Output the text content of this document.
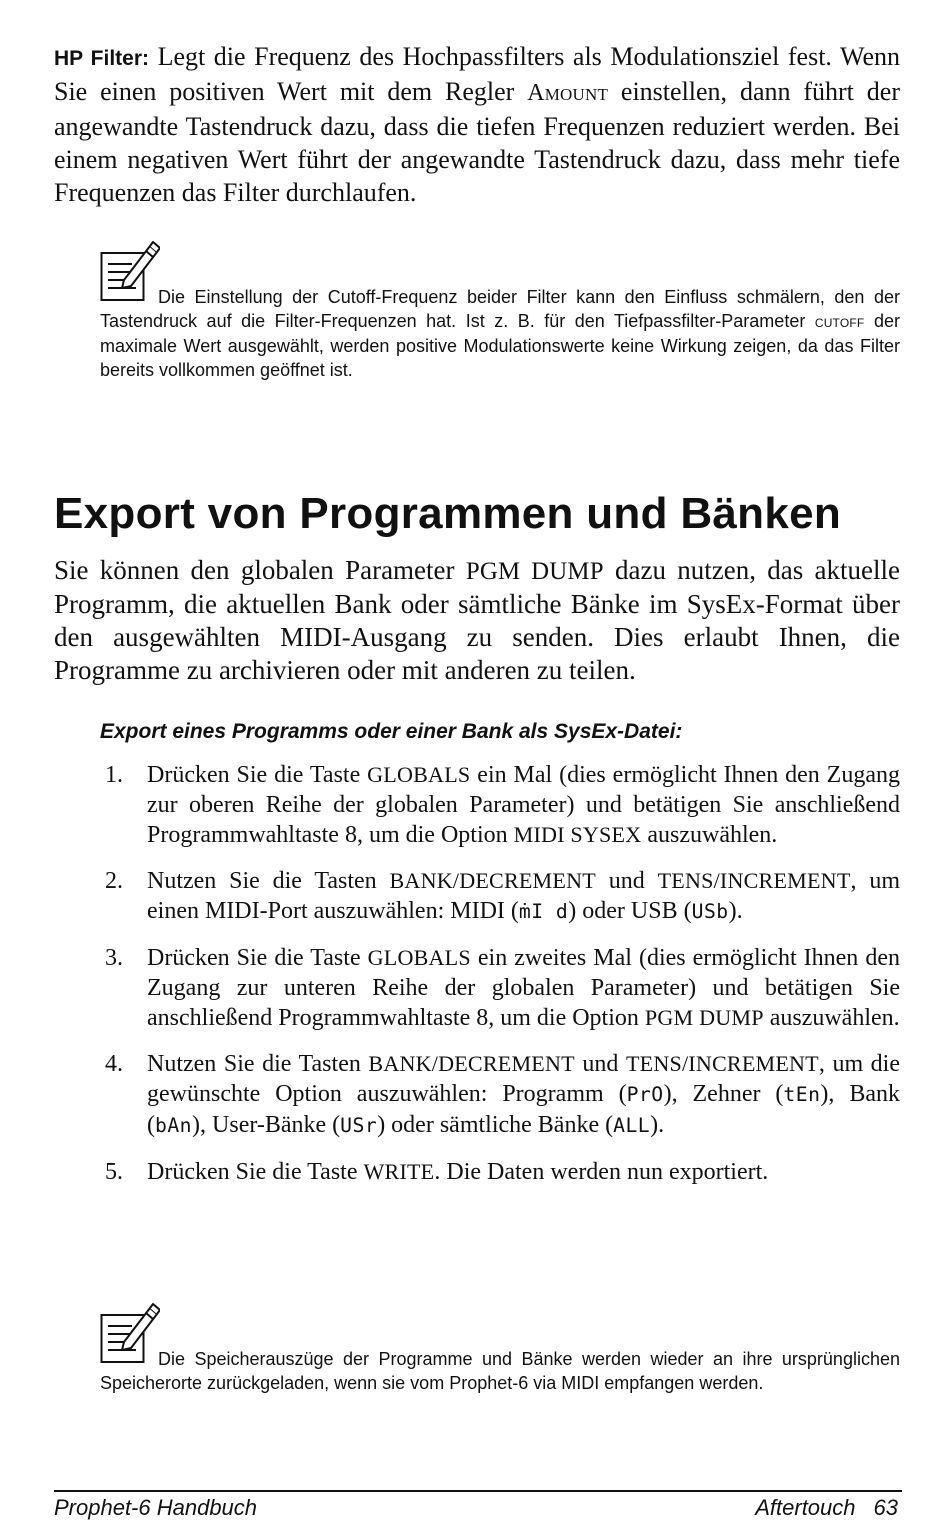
HP Filter: Legt die Frequenz des Hochpassfilters als Modulationsziel fest. Wenn Sie einen positiven Wert mit dem Regler Amount einstellen, dann führt der angewandte Tastendruck dazu, dass die tiefen Frequenzen reduziert werden. Bei einem negativen Wert führt der angewandte Tastendruck dazu, dass mehr tiefe Frequenzen das Filter durchlaufen.

Die Einstellung der Cutoff-Frequenz beider Filter kann den Einfluss schmälern, den der Tastendruck auf die Filter-Frequenzen hat. Ist z. B. für den Tiefpassfilter-Parameter cutoff der maximale Wert ausgewählt, werden positive Modulationswerte keine Wirkung zeigen, da das Filter bereits vollkommen geöffnet ist.
Export von Programmen und Bänken

Sie können den globalen Parameter PGM DUMP dazu nutzen, das aktuelle Programm, die aktuellen Bank oder sämtliche Bänke im SysEx-Format über den ausgewählten MIDI-Ausgang zu senden. Dies erlaubt Ihnen, die Programme zu archivieren oder mit anderen zu teilen.

Export eines Programms oder einer Bank als SysEx-Datei:
1. Drücken Sie die Taste GLOBALS ein Mal (dies ermöglicht Ihnen den Zugang zur oberen Reihe der globalen Parameter) und betätigen Sie anschließend Programmwahltaste 8, um die Option MIDI SYSEX auszuwählen.
2. Nutzen Sie die Tasten BANK/DECREMENT und TENS/INCREMENT, um einen MIDI-Port auszuwählen: MIDI (ṁI d) oder USB (USb).
3. Drücken Sie die Taste GLOBALS ein zweites Mal (dies ermöglicht Ihnen den Zugang zur unteren Reihe der globalen Parameter) und betätigen Sie anschließend Programmwahltaste 8, um die Option PGM DUMP auszuwählen.
4. Nutzen Sie die Tasten BANK/DECREMENT und TENS/INCREMENT, um die gewünschte Option auszuwählen: Programm (PrO), Zehner (tEn), Bank (bAn), User-Bänke (USr) oder sämtliche Bänke (ALL).
5. Drücken Sie die Taste WRITE. Die Daten werden nun exportiert.
Die Speicherauszüge der Programme und Bänke werden wieder an ihre ursprünglichen Speicherorte zurückgeladen, wenn sie vom Prophet-6 via MIDI empfangen werden.
Prophet-6 Handbuch	Aftertouch 63
